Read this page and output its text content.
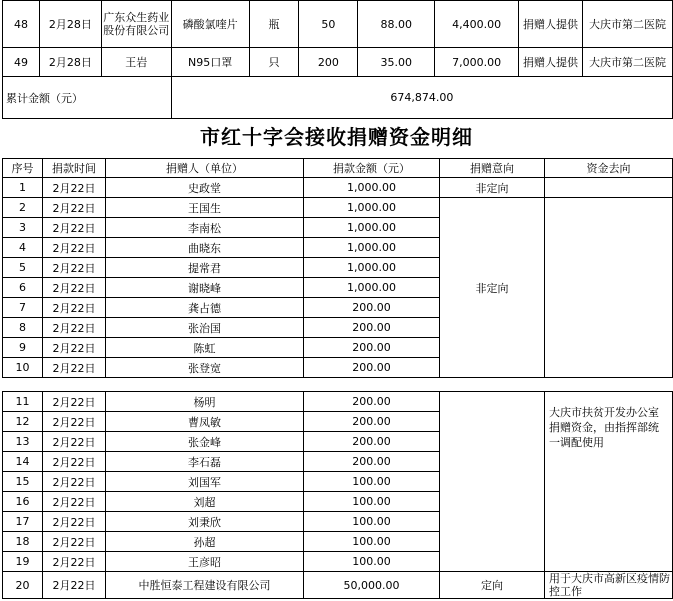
48	2月28日	广东众生药业股份有限公司	磷酸氯喹片	瓶	50	88.00	4,400.00	捐赠人提供	大庆市第二医院
49	2月28日	王岩	N95口罩	只	200	35.00	7,000.00	捐赠人提供	大庆市第二医院
累计金额（元）			674,874.00						
市红十字会接收捐赠资金明细
序号	捐款时间	捐赠人（单位）	捐款金额（元）	捐赠意向	资金去向
1	2月22日	史政堂	1,000.00	非定向	
2	2月22日	王国生	1,000.00	非定向	
3	2月22日	李南松	1,000.00		
4	2月22日	曲晓东	1,000.00		
5	2月22日	提常君	1,000.00		
6	2月22日	谢晓峰	1,000.00		
7	2月22日	龚占德	200.00		
8	2月22日	张治国	200.00		
9	2月22日	陈虹	200.00		
10	2月22日	张登宽	200.00		
11	2月22日	杨明	200.00		大庆市扶贫开发办公室捐赠资金，由指挥部统一调配使用

12	2月22日	曹凤敏	200.00		
13	2月22日	张金峰	200.00		
14	2月22日	李石磊	200.00		
15	2月22日	刘国军	100.00		
16	2月22日	刘超	100.00		
17	2月22日	刘秉欣	100.00		
18	2月22日	孙超	100.00		
19	2月22日	王彦昭	100.00		
20	2月22日	中胜恒泰工程建设有限公司	50,000.00	定向	用于大庆市高新区疫情防控工作
